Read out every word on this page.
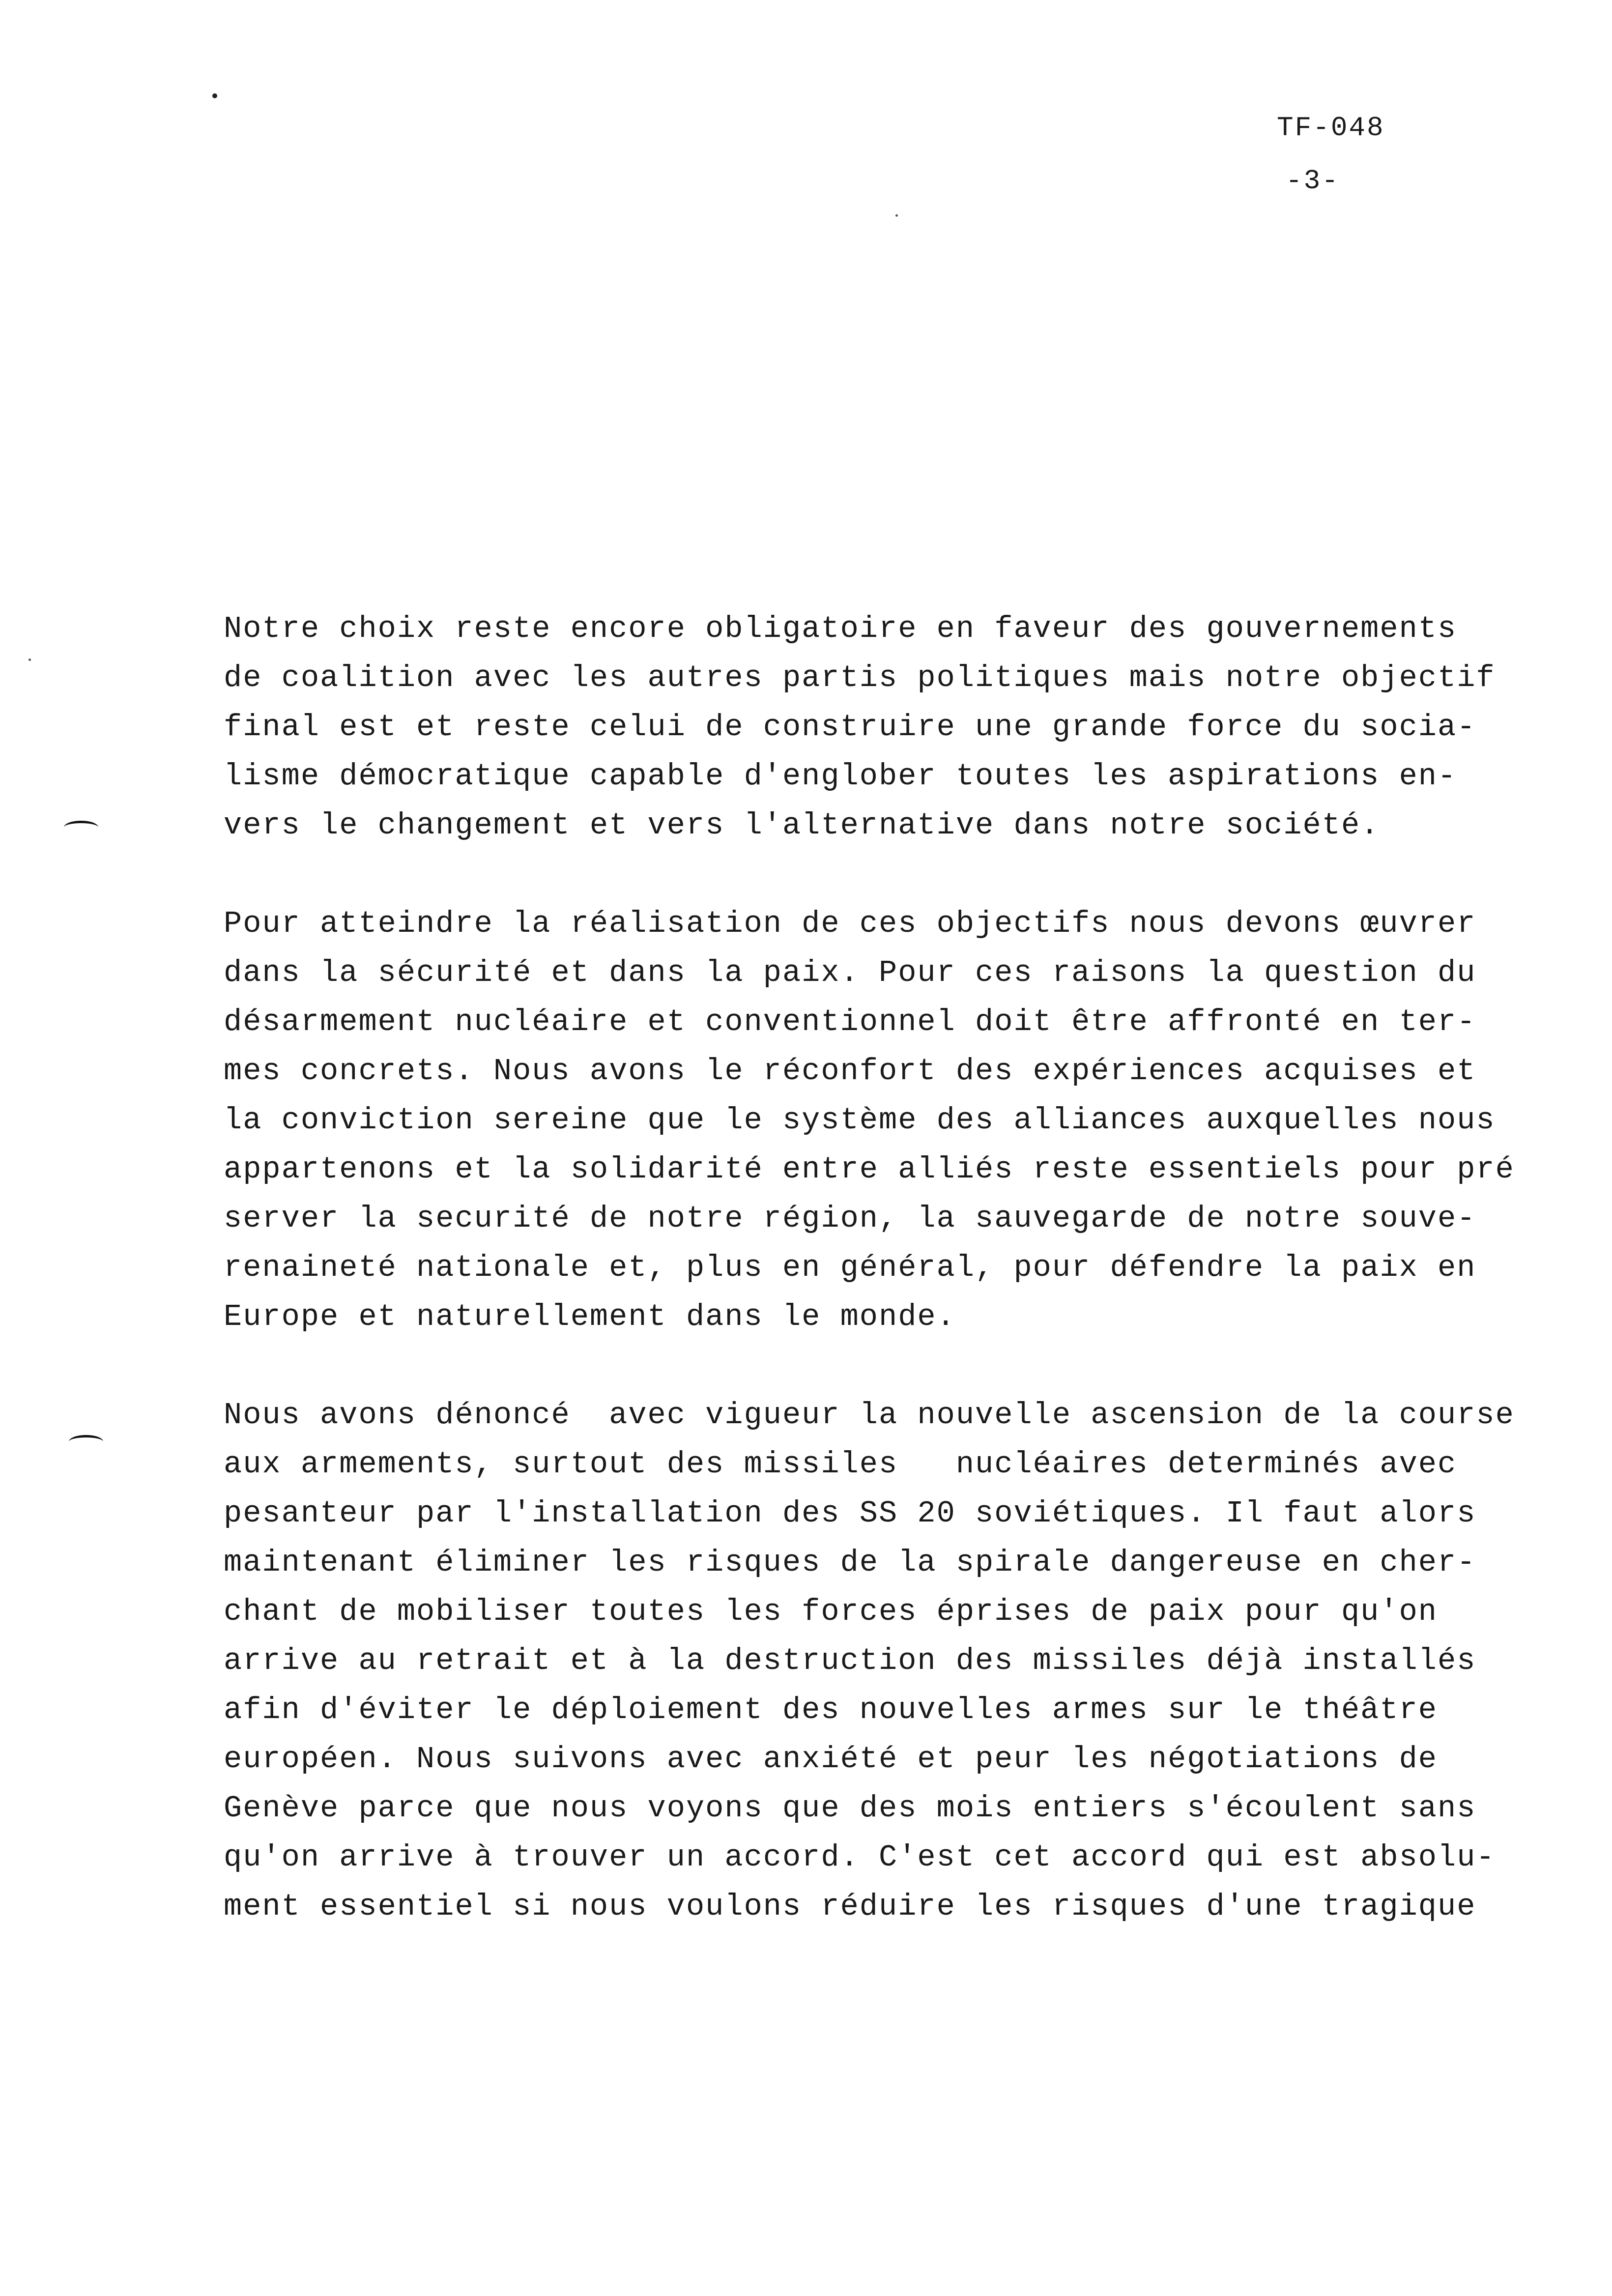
TF-048

-3-

Notre choix reste encore obligatoire en faveur des gouvernements
de coalition avec les autres partis politiques mais notre objectif
final est et reste celui de construire une grande force du socia-
lisme démocratique capable d'englober toutes les aspirations en-
vers le changement et vers l'alternative dans notre société.
Pour atteindre la réalisation de ces objectifs nous devons œuvrer
dans la sécurité et dans la paix. Pour ces raisons la question du
désarmement nucléaire et conventionnel doit être affronté en ter-
mes concrets. Nous avons le réconfort des expériences acquises et
la conviction sereine que le système des alliances auxquelles nous
appartenons et la solidarité entre alliés reste essentiels pour pré
server la securité de notre région, la sauvegarde de notre souve-
renaineté nationale et, plus en général, pour défendre la paix en
Europe et naturellement dans le monde.
Nous avons dénoncé  avec vigueur la nouvelle ascension de la course
aux armements, surtout des missiles   nucléaires determinés avec
pesanteur par l'installation des SS 20 soviétiques. Il faut alors
maintenant éliminer les risques de la spirale dangereuse en cher-
chant de mobiliser toutes les forces éprises de paix pour qu'on
arrive au retrait et à la destruction des missiles déjà installés
afin d'éviter le déploiement des nouvelles armes sur le théâtre
européen. Nous suivons avec anxiété et peur les négotiations de
Genève parce que nous voyons que des mois entiers s'écoulent sans
qu'on arrive à trouver un accord. C'est cet accord qui est absolu-
ment essentiel si nous voulons réduire les risques d'une tragique
